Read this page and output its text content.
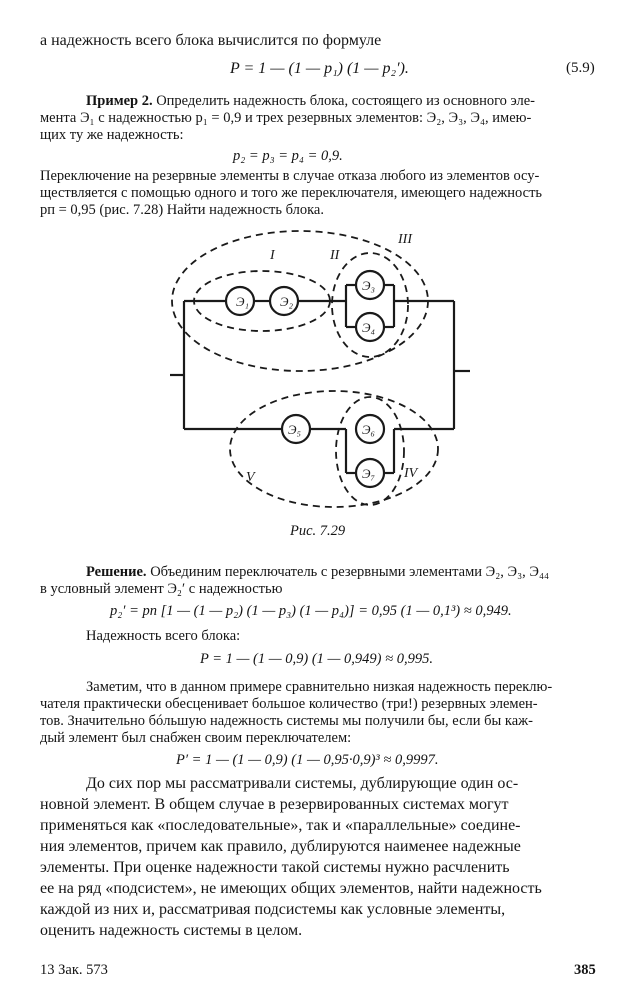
а надежность всего блока вычислится по формуле
P = 1 — (1 — p₁) (1 — p₂′).	(5.9)
Пример 2. Определить надежность блока, состоящего из основного эле-
мента Э₁ с надежностью p₁ = 0,9 и трех резервных элементов: Э₂, Э₃, Э₄, имею-
щих ту же надежность:
p₂ = p₃ = p₄ = 0,9.
Переключение на резервные элементы в случае отказа любого из элементов осу-
ществляется с помощью одного и того же переключателя, имеющего надежность
pп = 0,95 (рис. 7.28) Найти надежность блока.
Э₁ Э₂
Э₃
Э₄
Э₅	Э₆
Э₇
I	II
III
IV
V
Рис. 7.29
Решение. Объединим переключатель с резервными элементами Э₂, Э₃, Э₄₄
в условный элемент Э₂′ с надежностью
p₂′ = pп [1 — (1 — p₂) (1 — p₃) (1 — p₄)] = 0,95 (1 — 0,1³) ≈ 0,949.
Надежность всего блока:
P = 1 — (1 — 0,9) (1 — 0,949) ≈ 0,995.
Заметим, что в данном примере сравнительно низкая надежность переклю-
чателя практически обесценивает большое количество (три!) резервных элемен-
тов. Значительно бóльшую надежность системы мы получили бы, если бы каж-
дый элемент был снабжен своим переключателем:
P′ = 1 — (1 — 0,9) (1 — 0,95·0,9)³ ≈ 0,9997.
До сих пор мы рассматривали системы, дублирующие один ос-
новной элемент. В общем случае в резервированных системах могут
применяться как «последовательные», так и «параллельные» соедине-
ния элементов, причем как правило, дублируются наименее надежные
элементы. При оценке надежности такой системы нужно расчленить
ее на ряд «подсистем», не имеющих общих элементов, найти надежность
каждой из них и, рассматривая подсистемы как условные элементы,
оценить надежность системы в целом.
13 Зак. 573	385
